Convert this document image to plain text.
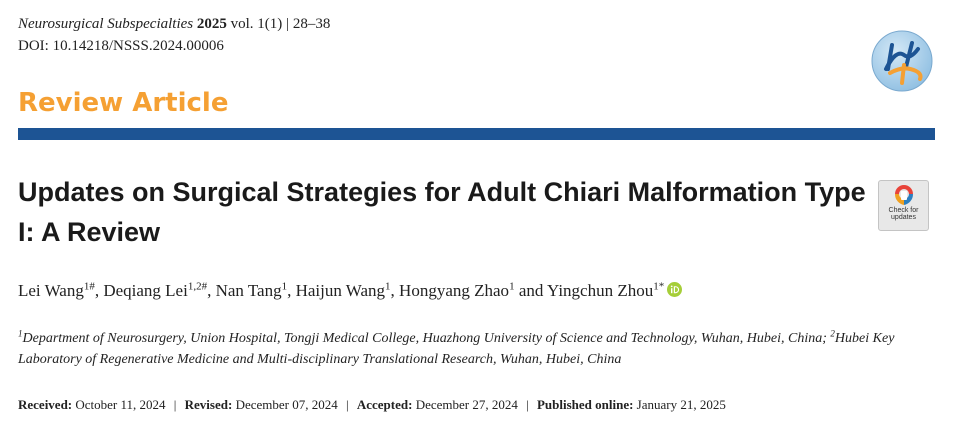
Neurosurgical Subspecialties 2025 vol. 1(1) | 28–38
DOI: 10.14218/NSSS.2024.00006
Review Article
Updates on Surgical Strategies for Adult Chiari Malformation Type I: A Review
Check for
updates
Lei Wang$^{1\#}$, Deqiang Lei$^{1,2\#}$, Nan Tang$^1$, Haijun Wang$^1$, Hongyang Zhao$^1$ and Yingchun Zhou$^{1*}$
$^1$Department of Neurosurgery, Union Hospital, Tongji Medical College, Huazhong University of Science and Technology, Wuhan, Hubei, China; $^2$Hubei Key Laboratory of Regenerative Medicine and Multi-disciplinary Translational Research, Wuhan, Hubei, China
Received: October 11, 2024 | Revised: December 07, 2024 | Accepted: December 27, 2024 | Published online: January 21, 2025
